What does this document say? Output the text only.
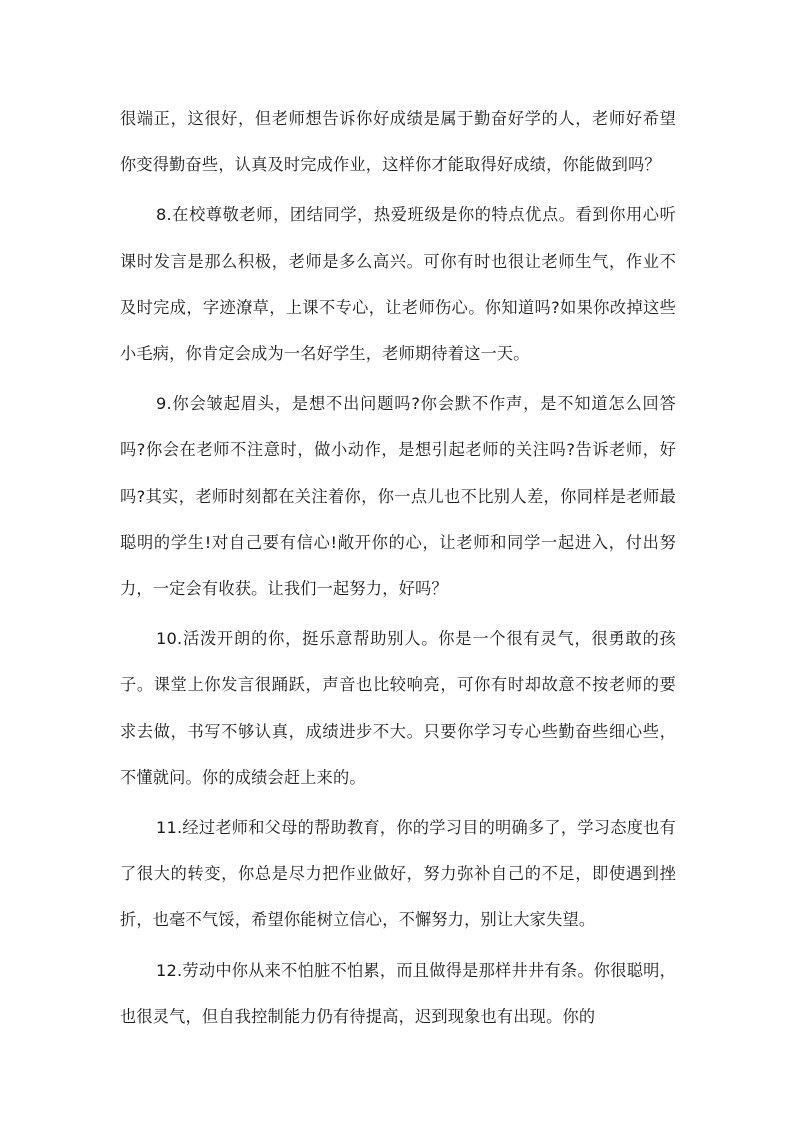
很端正，这很好，但老师想告诉你好成绩是属于勤奋好学的人，老师好希望你变得勤奋些，认真及时完成作业，这样你才能取得好成绩，你能做到吗？

8.在校尊敬老师，团结同学，热爱班级是你的特点优点。看到你用心听课时发言是那么积极，老师是多么高兴。可你有时也很让老师生气，作业不及时完成，字迹潦草，上课不专心，让老师伤心。你知道吗?如果你改掉这些小毛病，你肯定会成为一名好学生，老师期待着这一天。

9.你会皱起眉头，是想不出问题吗?你会默不作声，是不知道怎么回答吗?你会在老师不注意时，做小动作，是想引起老师的关注吗?告诉老师，好吗?其实，老师时刻都在关注着你，你一点儿也不比别人差，你同样是老师最聪明的学生!对自己要有信心!敞开你的心，让老师和同学一起进入，付出努力，一定会有收获。让我们一起努力，好吗？

10.活泼开朗的你，挺乐意帮助别人。你是一个很有灵气，很勇敢的孩子。课堂上你发言很踊跃，声音也比较响亮，可你有时却故意不按老师的要求去做，书写不够认真，成绩进步不大。只要你学习专心些勤奋些细心些，不懂就问。你的成绩会赶上来的。

11.经过老师和父母的帮助教育，你的学习目的明确多了，学习态度也有了很大的转变，你总是尽力把作业做好，努力弥补自己的不足，即使遇到挫折，也毫不气馁，希望你能树立信心，不懈努力，别让大家失望。

12.劳动中你从来不怕脏不怕累，而且做得是那样井井有条。你很聪明，也很灵气，但自我控制能力仍有待提高，迟到现象也有出现。你的
